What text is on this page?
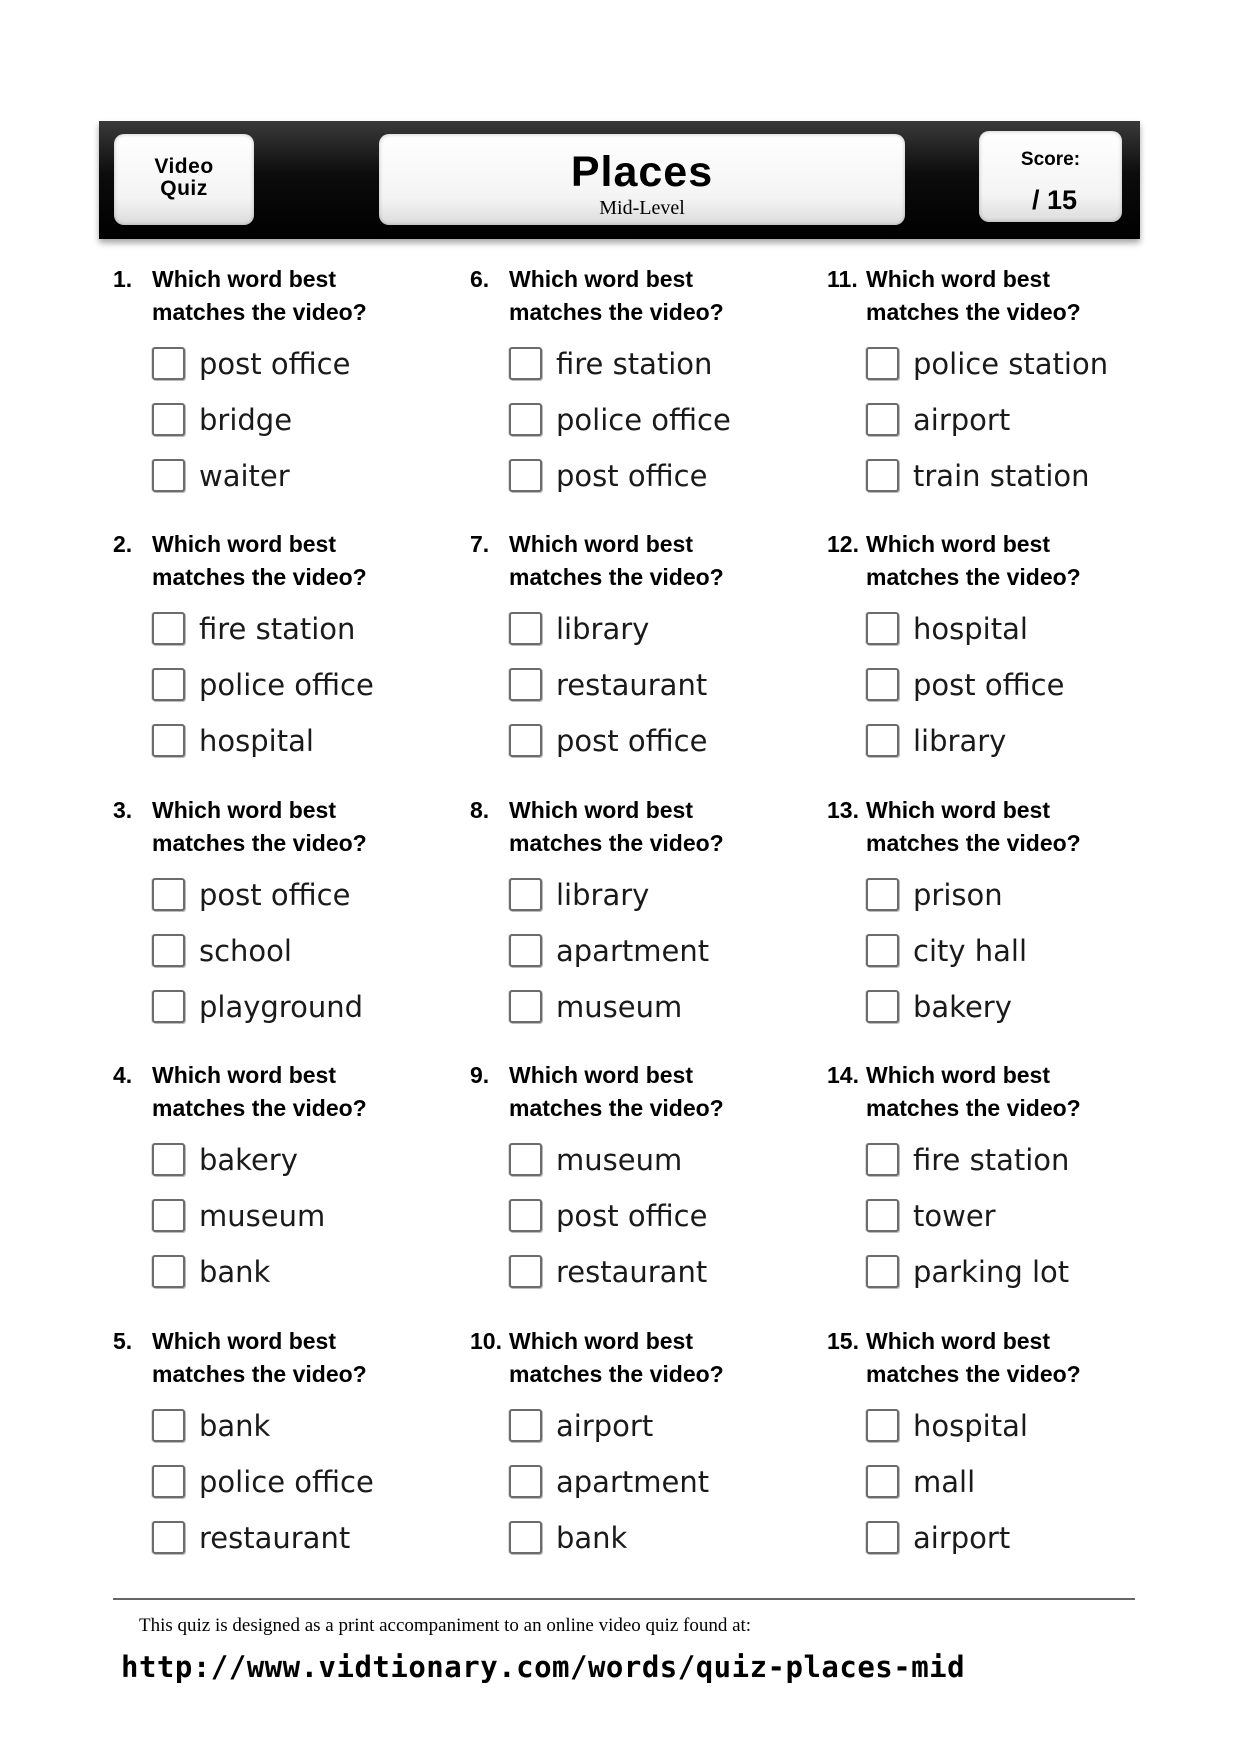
Video
Quiz	Places
Mid-Level
Score:
/ 15
1. Which word best
matches the video?
post office
bridge
waiter
2. Which word best
matches the video?
fire station
police office
hospital
3. Which word best
matches the video?
post office
school
playground
4. Which word best
matches the video?
bakery
museum
bank
5. Which word best
matches the video?
bank
police office
restaurant
6. Which word best
matches the video?
fire station
police office
post office
7. Which word best
matches the video?
library
restaurant
post office
8. Which word best
matches the video?
library
apartment
museum
9. Which word best
matches the video?
museum
post office
restaurant
10. Which word best
matches the video?
airport
apartment
bank
11. Which word best
matches the video?
police station
airport
train station
12. Which word best
matches the video?
hospital
post office
library
13. Which word best
matches the video?
prison
city hall
bakery
14. Which word best
matches the video?
fire station
tower
parking lot
15. Which word best
matches the video?
hospital
mall
airport
This quiz is designed as a print accompaniment to an online video quiz found at:
http://www.vidtionary.com/words/quiz-places-mid
